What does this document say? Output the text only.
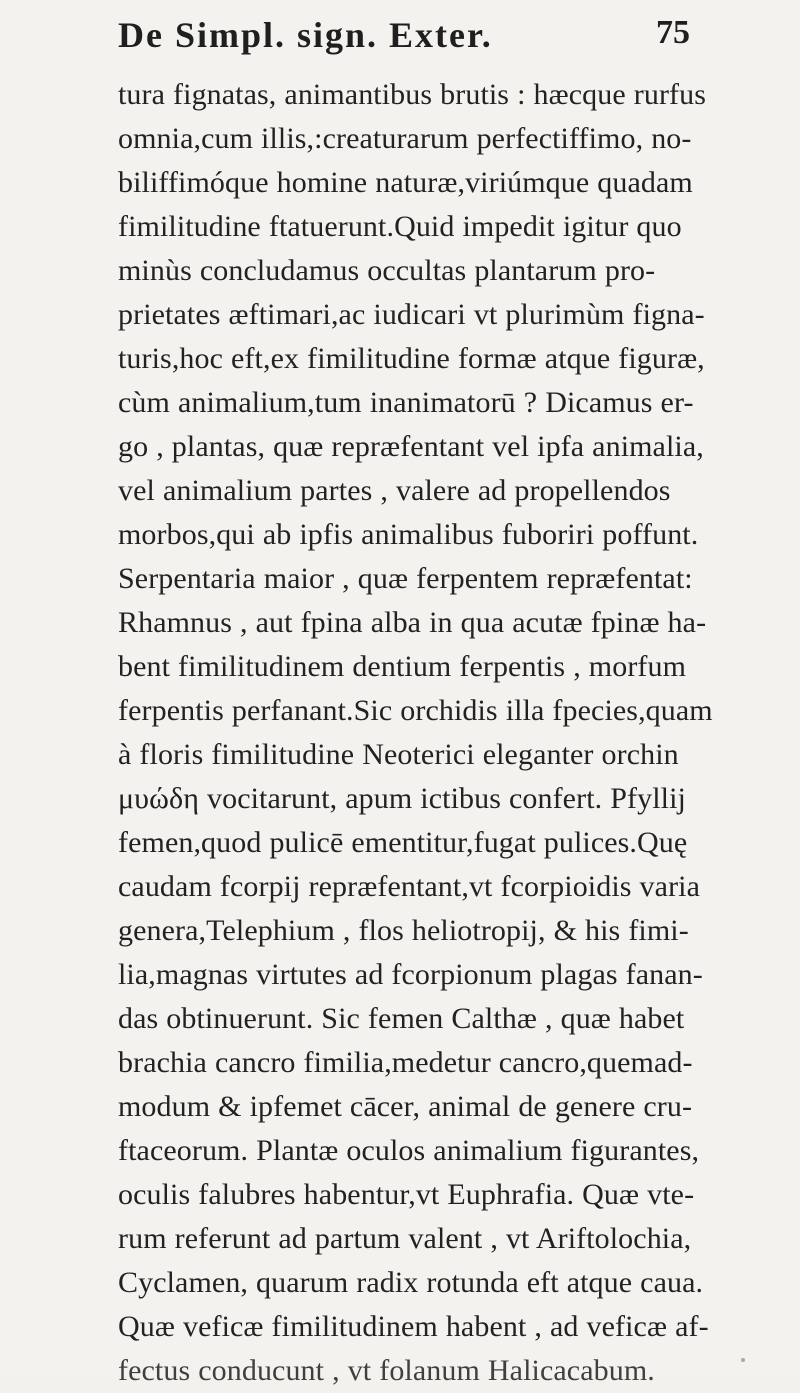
De Simpl. sign. Exter.	75
tura fignatas, animantibus brutis : hæcque rurfus
omnia,cum illis,:creaturarum perfectiffimo, no-
biliffimóque homine naturæ,viriúmque quadam
fimilitudine ftatuerunt.Quid impedit igitur quo
minùs concludamus occultas plantarum pro-
prietates æftimari,ac iudicari vt plurimùm figna-
turis,hoc eft,ex fimilitudine formæ atque figuræ,
cùm animalium,tum inanimatorū ? Dicamus er-
go , plantas, quæ repræfentant vel ipfa animalia,
vel animalium partes , valere ad propellendos
morbos,qui ab ipfis animalibus fuboriri poffunt.
Serpentaria maior , quæ ferpentem repræfentat:
Rhamnus , aut fpina alba in qua acutæ fpinæ ha-
bent fimilitudinem dentium ferpentis , morfum
ferpentis perfanant.Sic orchidis illa fpecies,quam
à floris fimilitudine Neoterici eleganter orchin
μυώδη vocitarunt, apum ictibus confert. Pfyllij
femen,quod pulicē ementitur,fugat pulices.Quę
caudam fcorpij repræfentant,vt fcorpioidis varia
genera,Telephium , flos heliotropij, & his fimi-
lia,magnas virtutes ad fcorpionum plagas fanan-
das obtinuerunt. Sic femen Calthæ , quæ habet
brachia cancro fimilia,medetur cancro,quemad-
modum & ipfemet cācer, animal de genere cru-
ftaceorum. Plantæ oculos animalium figurantes,
oculis falubres habentur,vt Euphrafia. Quæ vte-
rum referunt ad partum valent , vt Ariftolochia,
Cyclamen, quarum radix rotunda eft atque caua.
Quæ veficæ fimilitudinem habent , ad veficæ af-
fectus conducunt , vt folanum Halicacabum.
